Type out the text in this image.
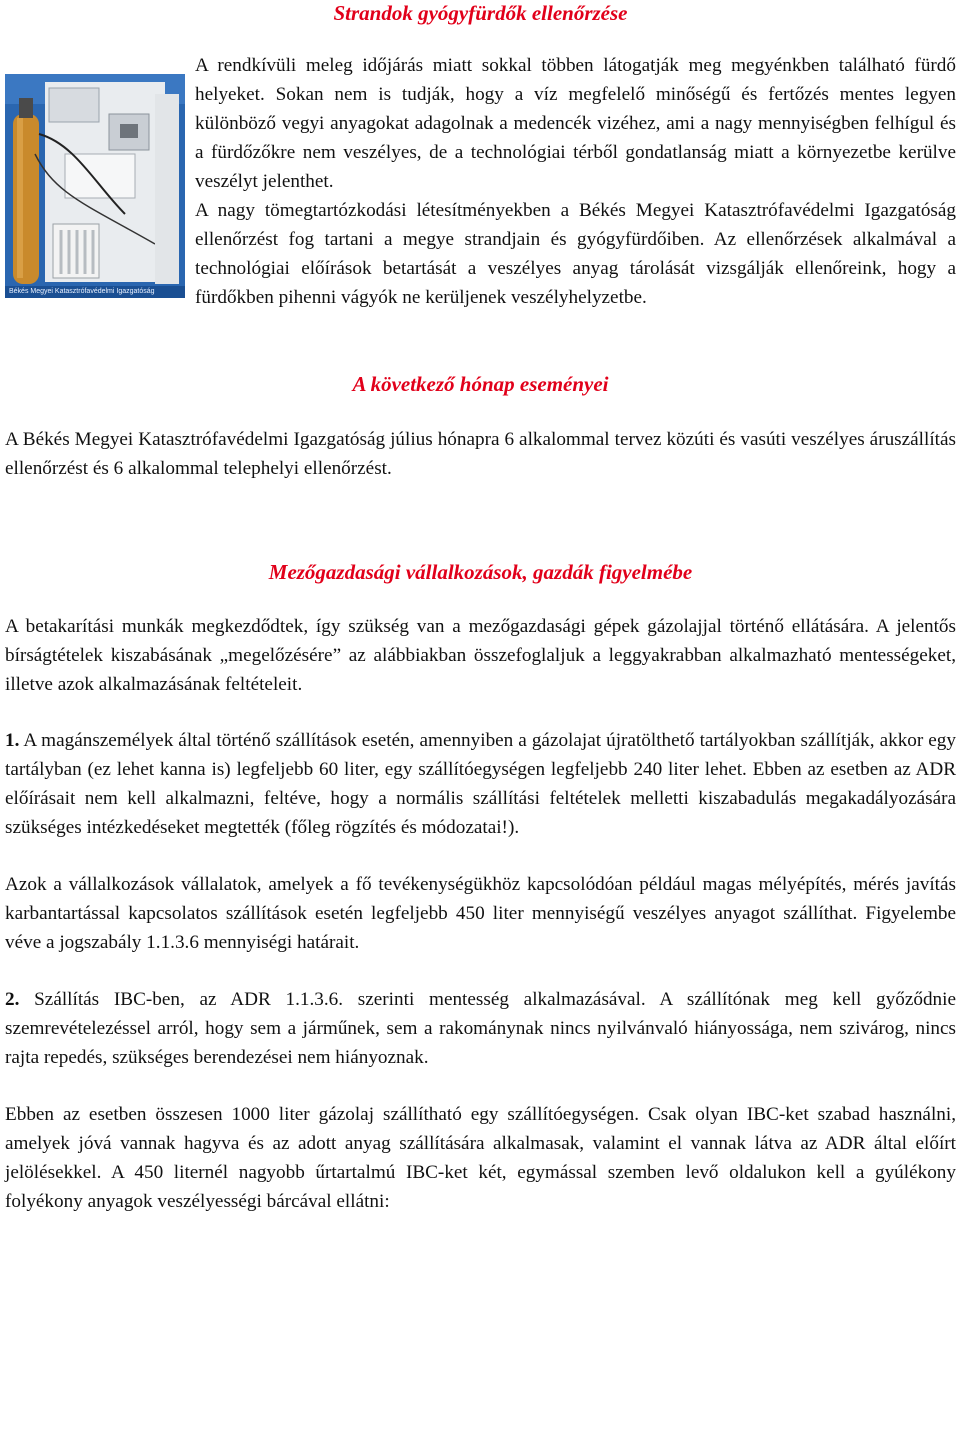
Strandok gyógyfürdők ellenőrzése
Békés Megyei Katasztrófavédelmi Igazgatóság

A rendkívüli meleg időjárás miatt sokkal többen látogatják meg megyénkben található fürdő helyeket. Sokan nem is tudják, hogy a víz megfelelő minőségű és fertőzés mentes legyen különböző vegyi anyagokat adagolnak a medencék vizéhez, ami a nagy mennyiségben felhígul és a fürdőzőkre nem veszélyes, de a technológiai térből gondatlanság miatt a környezetbe kerülve veszélyt jelenthet.

A nagy tömegtartózkodási létesítményekben a Békés Megyei Katasztrófavédelmi Igazgatóság ellenőrzést fog tartani a megye strandjain és gyógyfürdőiben. Az ellenőrzések alkalmával a technológiai előírások betartását a veszélyes anyag tárolását vizsgálják ellenőreink, hogy a fürdőkben pihenni vágyók ne kerüljenek veszélyhelyzetbe.

A következő hónap eseményei

A Békés Megyei Katasztrófavédelmi Igazgatóság július hónapra 6 alkalommal tervez közúti és vasúti veszélyes áruszállítás ellenőrzést és 6 alkalommal telephelyi ellenőrzést.

Mezőgazdasági vállalkozások, gazdák figyelmébe

A betakarítási munkák megkezdődtek, így szükség van a mezőgazdasági gépek gázolajjal történő ellátására. A jelentős bírságtételek kiszabásának „megelőzésére” az alábbiakban összefoglaljuk a leggyakrabban alkalmazható mentességeket, illetve azok alkalmazásának feltételeit.

1. A magánszemélyek által történő szállítások esetén, amennyiben a gázolajat újratölthető tartályokban szállítják, akkor egy tartályban (ez lehet kanna is) legfeljebb 60 liter, egy szállítóegységen legfeljebb 240 liter lehet. Ebben az esetben az ADR előírásait nem kell alkalmazni, feltéve, hogy a normális szállítási feltételek melletti kiszabadulás megakadályozására szükséges intézkedéseket megtették (főleg rögzítés és módozatai!).

Azok a vállalkozások vállalatok, amelyek a fő tevékenységükhöz kapcsolódóan például magas mélyépítés, mérés javítás karbantartással kapcsolatos szállítások esetén legfeljebb 450 liter mennyiségű veszélyes anyagot szállíthat. Figyelembe véve a jogszabály 1.1.3.6 mennyiségi határait.

2. Szállítás IBC-ben, az ADR 1.1.3.6. szerinti mentesség alkalmazásával. A szállítónak meg kell győződnie szemrevételezéssel arról, hogy sem a járműnek, sem a rakománynak nincs nyilvánvaló hiányossága, nem szivárog, nincs rajta repedés, szükséges berendezései nem hiányoznak.

Ebben az esetben összesen 1000 liter gázolaj szállítható egy szállítóegységen. Csak olyan IBC-ket szabad használni, amelyek jóvá vannak hagyva és az adott anyag szállítására alkalmasak, valamint el vannak látva az ADR által előírt jelölésekkel. A 450 liternél nagyobb űrtartalmú IBC-ket két, egymással szemben levő oldalukon kell a gyúlékony folyékony anyagok veszélyességi bárcával ellátni:
